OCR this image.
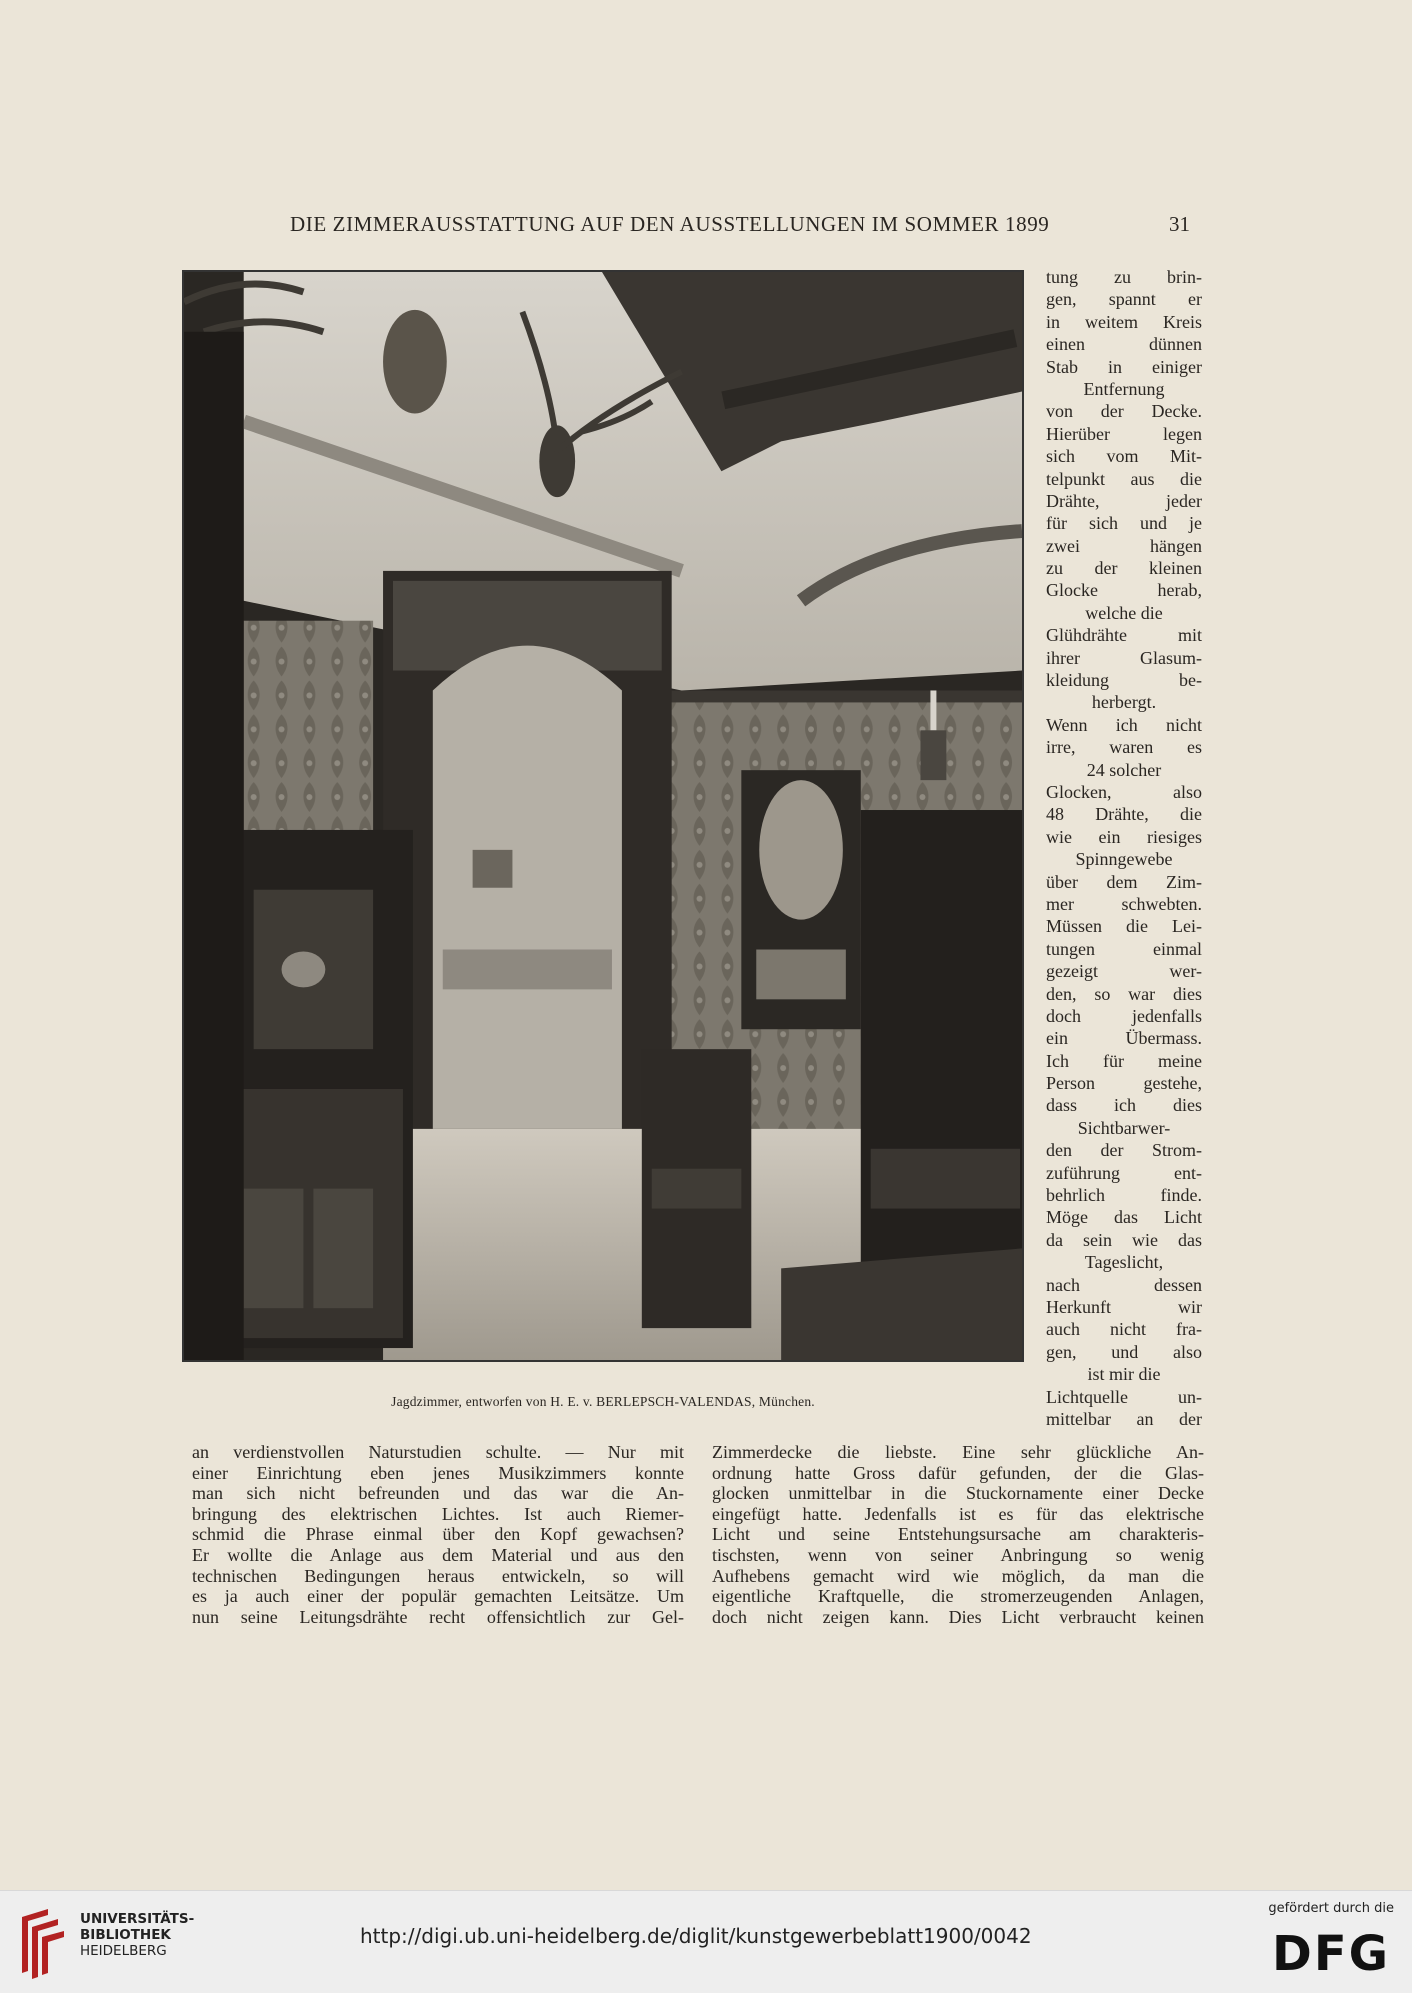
DIE ZIMMERAUSSTATTUNG AUF DEN AUSSTELLUNGEN IM SOMMER 1899	31
Jagdzimmer, entworfen von H. E. v. BERLEPSCH-VALENDAS, München.
tung zu brin-
gen, spannt er
in weitem Kreis
einen dünnen
Stab in einiger
Entfernung
von der Decke.
Hierüber legen
sich vom Mit-
telpunkt aus die
Drähte, jeder
für sich und je
zwei hängen
zu der kleinen
Glocke herab,
welche die
Glühdrähte mit
ihrer Glasum-
kleidung be-
herbergt.
Wenn ich nicht
irre, waren es
24 solcher
Glocken, also
48 Drähte, die
wie ein riesiges
Spinngewebe
über dem Zim-
mer schwebten.
Müssen die Lei-
tungen einmal
gezeigt wer-
den, so war dies
doch jedenfalls
ein Übermass.
Ich für meine
Person gestehe,
dass ich dies
Sichtbarwer-
den der Strom-
zuführung ent-
behrlich finde.
Möge das Licht
da sein wie das
Tageslicht,
nach dessen
Herkunft wir
auch nicht fra-
gen, und also
ist mir die
Lichtquelle un-
mittelbar an der
an verdienstvollen Naturstudien schulte. — Nur mit
einer Einrichtung eben jenes Musikzimmers konnte
man sich nicht befreunden und das war die An-
bringung des elektrischen Lichtes. Ist auch Riemer-
schmid die Phrase einmal über den Kopf gewachsen?
Er wollte die Anlage aus dem Material und aus den
technischen Bedingungen heraus entwickeln, so will
es ja auch einer der populär gemachten Leitsätze. Um
nun seine Leitungsdrähte recht offensichtlich zur Gel-
Zimmerdecke die liebste. Eine sehr glückliche An-
ordnung hatte Gross dafür gefunden, der die Glas-
glocken unmittelbar in die Stuckornamente einer Decke
eingefügt hatte. Jedenfalls ist es für das elektrische
Licht und seine Entstehungsursache am charakteris-
tischsten, wenn von seiner Anbringung so wenig
Aufhebens gemacht wird wie möglich, da man die
eigentliche Kraftquelle, die stromerzeugenden Anlagen,
doch nicht zeigen kann. Dies Licht verbraucht keinen
UNIVERSITÄTS-
BIBLIOTHEK
HEIDELBERG
http://digi.ub.uni-heidelberg.de/diglit/kunstgewerbeblatt1900/0042
gefördert durch die
DFG
